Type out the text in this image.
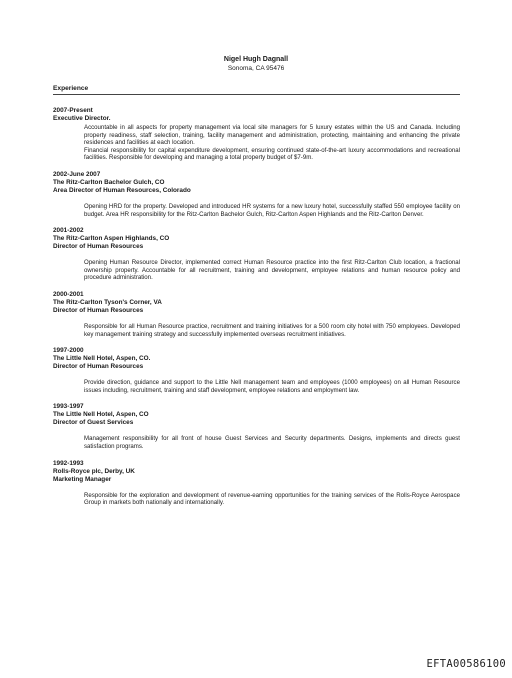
Nigel Hugh Dagnall
Sonoma, CA 95476
Experience
2007-Present
Executive Director.

Accountable in all aspects for property management via local site managers for 5 luxury estates within the US and Canada. Including property readiness, staff selection, training, facility management and administration, protecting, maintaining and enhancing the private residences and facilities at each location.

Financial responsibility for capital expenditure development, ensuring continued state-of-the-art luxury accommodations and recreational facilities. Responsible for developing and managing a total property budget of $7-9m.

2002-June 2007
The Ritz-Carlton Bachelor Gulch, CO
Area Director of Human Resources, Colorado

Opening HRD for the property. Developed and introduced HR systems for a new luxury hotel, successfully staffed 550 employee facility on budget. Area HR responsibility for the Ritz-Carlton Bachelor Gulch, Ritz-Carlton Aspen Highlands and the Ritz-Carlton Denver.

2001-2002
The Ritz-Carlton Aspen Highlands, CO
Director of Human Resources

Opening Human Resource Director, implemented correct Human Resource practice into the first Ritz-Carlton Club location, a fractional ownership property. Accountable for all recruitment, training and development, employee relations and human resource policy and procedure administration.

2000-2001
The Ritz-Carlton Tyson's Corner, VA
Director of Human Resources

Responsible for all Human Resource practice, recruitment and training initiatives for a 500 room city hotel with 750 employees. Developed key management training strategy and successfully implemented overseas recruitment initiatives.

1997-2000
The Little Nell Hotel, Aspen, CO.
Director of Human Resources

Provide direction, guidance and support to the Little Nell management team and employees (1000 employees) on all Human Resource issues including, recruitment, training and staff development, employee relations and employment law.

1993-1997
The Little Nell Hotel, Aspen, CO
Director of Guest Services

Management responsibility for all front of house Guest Services and Security departments. Designs, implements and directs guest satisfaction programs.

1992-1993
Rolls-Royce plc, Derby, UK
Marketing Manager

Responsible for the exploration and development of revenue-earning opportunities for the training services of the Rolls-Royce Aerospace Group in markets both nationally and internationally.

EFTA00586100
